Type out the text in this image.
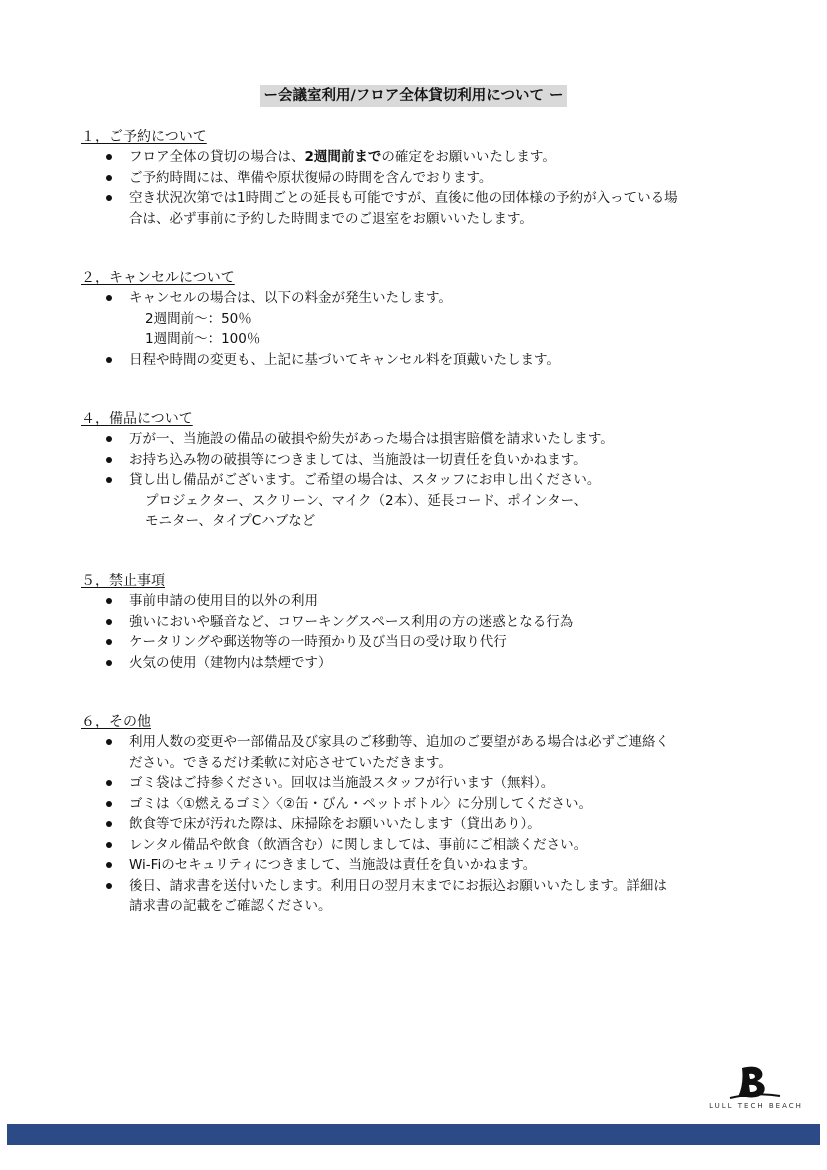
ー会議室利用/フロア全体貸切利用について ー
１，ご予約について
フロア全体の貸切の場合は、2週間前までの確定をお願いいたします。
ご予約時間には、準備や原状復帰の時間を含んでおります。
空き状況次第では1時間ごとの延長も可能ですが、直後に他の団体様の予約が入っている場
合は、必ず事前に予約した時間までのご退室をお願いいたします。
２，キャンセルについて
キャンセルの場合は、以下の料金が発生いたします。
2週間前〜：50％
1週間前〜：100％
日程や時間の変更も、上記に基づいてキャンセル料を頂戴いたします。
４，備品について
万が一、当施設の備品の破損や紛失があった場合は損害賠償を請求いたします。
お持ち込み物の破損等につきましては、当施設は一切責任を負いかねます。
貸し出し備品がございます。ご希望の場合は、スタッフにお申し出ください。
プロジェクター、スクリーン、マイク（2本）、延長コード、ポインター、
モニター、タイプCハブなど
５，禁止事項
事前申請の使用目的以外の利用
強いにおいや騒音など、コワーキングスペース利用の方の迷惑となる行為
ケータリングや郵送物等の一時預かり及び当日の受け取り代行
火気の使用（建物内は禁煙です）
６，その他
利用人数の変更や一部備品及び家具のご移動等、追加のご要望がある場合は必ずご連絡く
ださい。できるだけ柔軟に対応させていただきます。
ゴミ袋はご持参ください。回収は当施設スタッフが行います（無料）。
ゴミは〈①燃えるゴミ〉〈②缶・びん・ペットボトル〉に分別してください。
飲食等で床が汚れた際は、床掃除をお願いいたします（貸出あり）。
レンタル備品や飲食（飲酒含む）に関しましては、事前にご相談ください。
Wi-Fiのセキュリティにつきまして、当施設は責任を負いかねます。
後日、請求書を送付いたします。利用日の翌月末までにお振込お願いいたします。詳細は
請求書の記載をご確認ください。
LULL TECH BEACH
